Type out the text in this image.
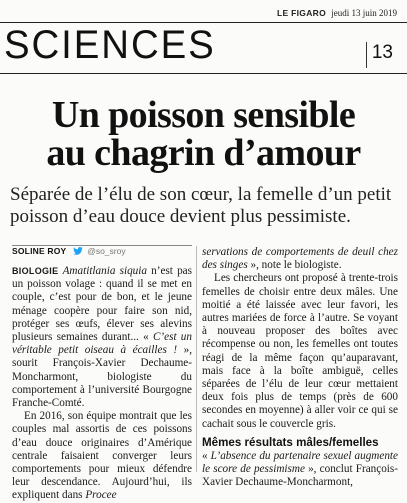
LE FIGARO jeudi 13 juin 2019
SCIENCES	13
Un poisson sensible
au chagrin d’amour
Séparée de l’élu de son cœur, la femelle d’un petit poisson d’eau douce devient plus pessimiste.
SOLINE ROY @so_sroy

BIOLOGIE Amatitlania siquia n’est pas un poisson volage : quand il se met en couple, c’est pour de bon, et le jeune ménage coopère pour faire son nid, protéger ses œufs, élever ses alevins plusieurs semaines durant... « C’est un véritable petit oiseau à écailles ! », sourit François-Xavier Dechaume-Moncharmont, biologiste du comportement à l’université Bourgogne Franche-Comté.

En 2016, son équipe montrait que les couples mal assortis de ces poissons d’eau douce originaires d’Amérique centrale faisaient converger leurs comportements pour mieux défendre leur descendance. Aujourd’hui, ils expliquent dans Procee

servations de comportements de deuil chez des singes », note le biologiste.

Les chercheurs ont proposé à trente-trois femelles de choisir entre deux mâles. Une moitié a été laissée avec leur favori, les autres mariées de force à l’autre. Se voyant à nouveau proposer des boîtes avec récompense ou non, les femelles ont toutes réagi de la même façon qu’auparavant, mais face à la boîte ambiguë, celles séparées de l’élu de leur cœur mettaient deux fois plus de temps (près de 600 secondes en moyenne) à aller voir ce qui se cachait sous le couvercle gris.

Mêmes résultats mâles/femelles

« L’absence du partenaire sexuel augmente le score de pessimisme », conclut François-Xavier Dechaume-Moncharmont,
